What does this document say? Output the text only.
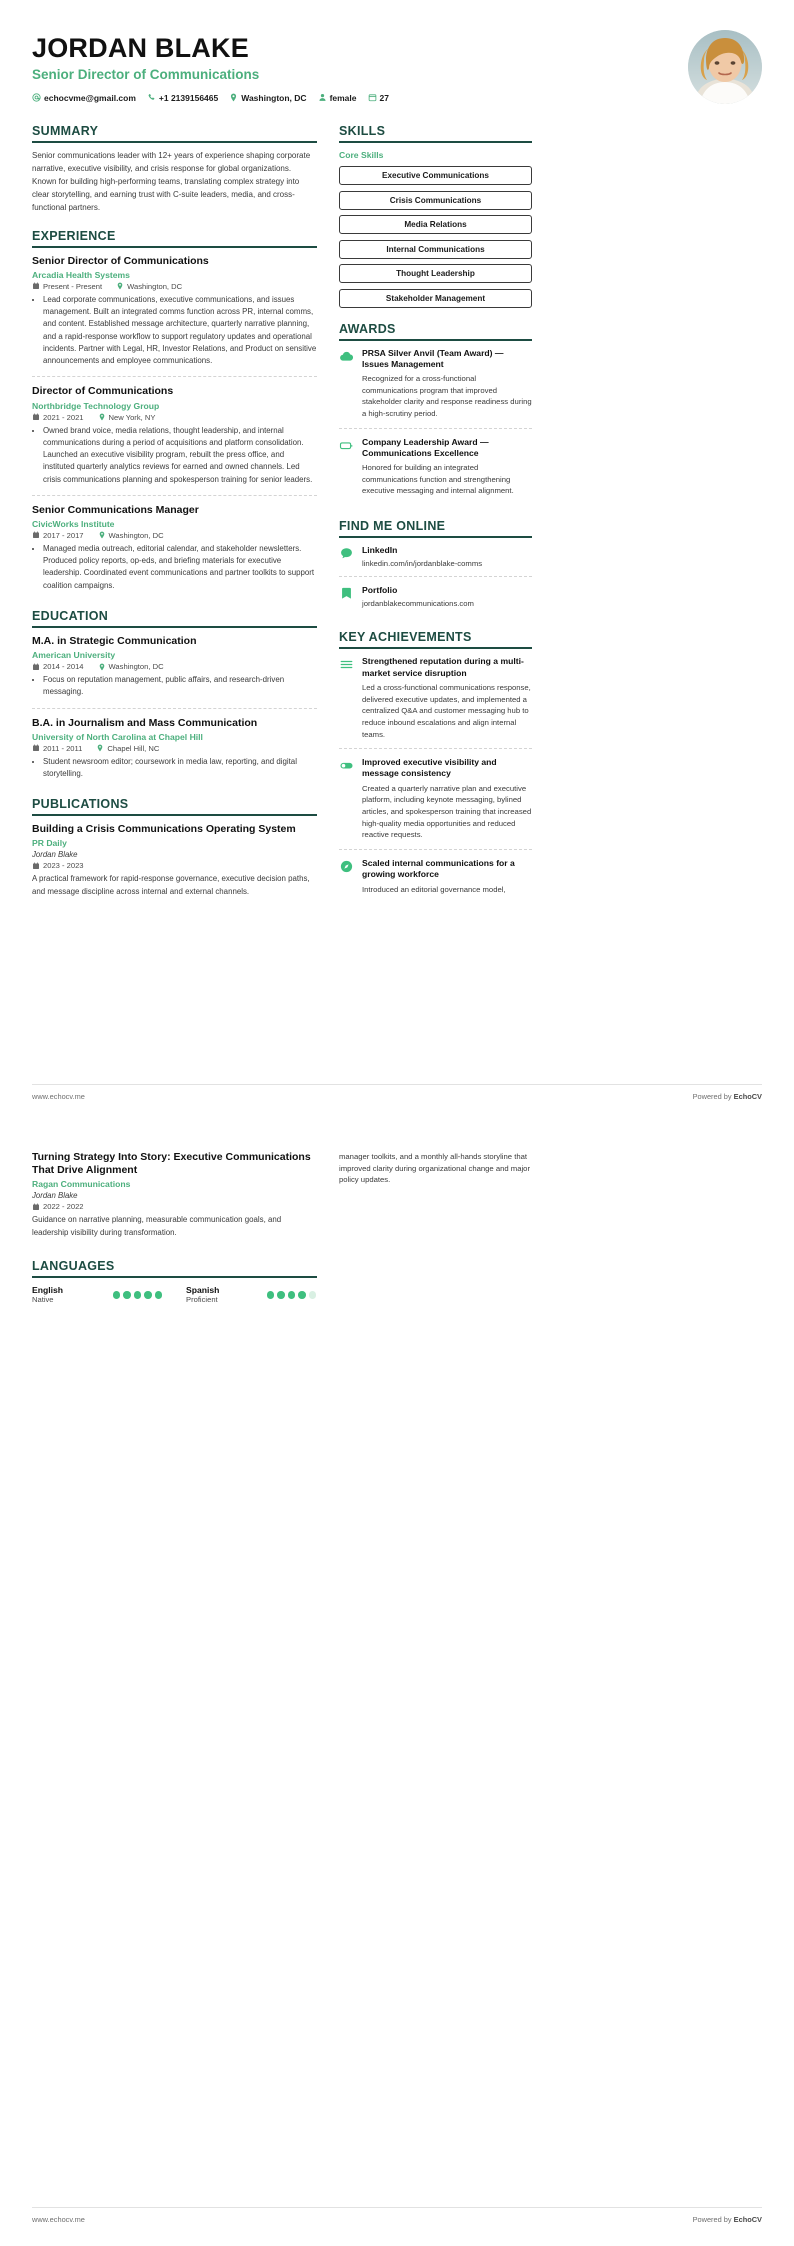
JORDAN BLAKE
Senior Director of Communications
echocvme@gmail.com	+1 2139156465	Washington, DC	female	27
SUMMARY

Senior communications leader with 12+ years of experience shaping corporate narrative, executive visibility, and crisis response for global organizations. Known for building high-performing teams, translating complex strategy into clear storytelling, and earning trust with C-suite leaders, media, and cross-functional partners.

EXPERIENCE
Senior Director of Communications
Arcadia Health Systems
Present - Present	Washington, DC
• Lead corporate communications, executive communications, and issues management. Built an integrated comms function across PR, internal comms, and content. Established message architecture, quarterly narrative planning, and a rapid-response workflow to support regulatory updates and operational incidents. Partner with Legal, HR, Investor Relations, and Product on sensitive announcements and employee communications.
Director of Communications
Northbridge Technology Group
2021 - 2021	New York, NY
• Owned brand voice, media relations, thought leadership, and internal communications during a period of acquisitions and platform consolidation. Launched an executive visibility program, rebuilt the press office, and instituted quarterly analytics reviews for earned and owned channels. Led crisis communications planning and spokesperson training for senior leaders.
Senior Communications Manager
CivicWorks Institute
2017 - 2017	Washington, DC
• Managed media outreach, editorial calendar, and stakeholder newsletters. Produced policy reports, op-eds, and briefing materials for executive leadership. Coordinated event communications and partner toolkits to support coalition campaigns.
EDUCATION
M.A. in Strategic Communication
American University
2014 - 2014	Washington, DC
• Focus on reputation management, public affairs, and research-driven messaging.
B.A. in Journalism and Mass Communication
University of North Carolina at Chapel Hill
2011 - 2011	Chapel Hill, NC
• Student newsroom editor; coursework in media law, reporting, and digital storytelling.
PUBLICATIONS
Building a Crisis Communications Operating System
PR Daily
Jordan Blake
2023 - 2023

A practical framework for rapid-response governance, executive decision paths, and message discipline across internal and external channels.

SKILLS
Core Skills
Executive Communications
Crisis Communications
Media Relations
Internal Communications
Thought Leadership
Stakeholder Management
AWARDS
PRSA Silver Anvil (Team Award) — Issues Management

Recognized for a cross-functional communications program that improved stakeholder clarity and response readiness during a high-scrutiny period.

Company Leadership Award — Communications Excellence

Honored for building an integrated communications function and strengthening executive messaging and internal alignment.

FIND ME ONLINE
LinkedIn

linkedin.com/in/jordanblake-comms

Portfolio

jordanblakecommunications.com

KEY ACHIEVEMENTS
Strengthened reputation during a multi-market service disruption

Led a cross-functional communications response, delivered executive updates, and implemented a centralized Q&A and customer messaging hub to reduce inbound escalations and align internal teams.

Improved executive visibility and message consistency

Created a quarterly narrative plan and executive platform, including keynote messaging, bylined articles, and spokesperson training that increased high-quality media opportunities and reduced reactive requests.

Scaled internal communications for a growing workforce

Introduced an editorial governance model,

www.echocv.me	Powered by EchoCV
Turning Strategy Into Story: Executive Communications That Drive Alignment
Ragan Communications
Jordan Blake
2022 - 2022

Guidance on narrative planning, measurable communication goals, and leadership visibility during transformation.

LANGUAGES
English
Native
Spanish
Proficient

manager toolkits, and a monthly all-hands storyline that improved clarity during organizational change and major policy updates.

www.echocv.me	Powered by EchoCV
